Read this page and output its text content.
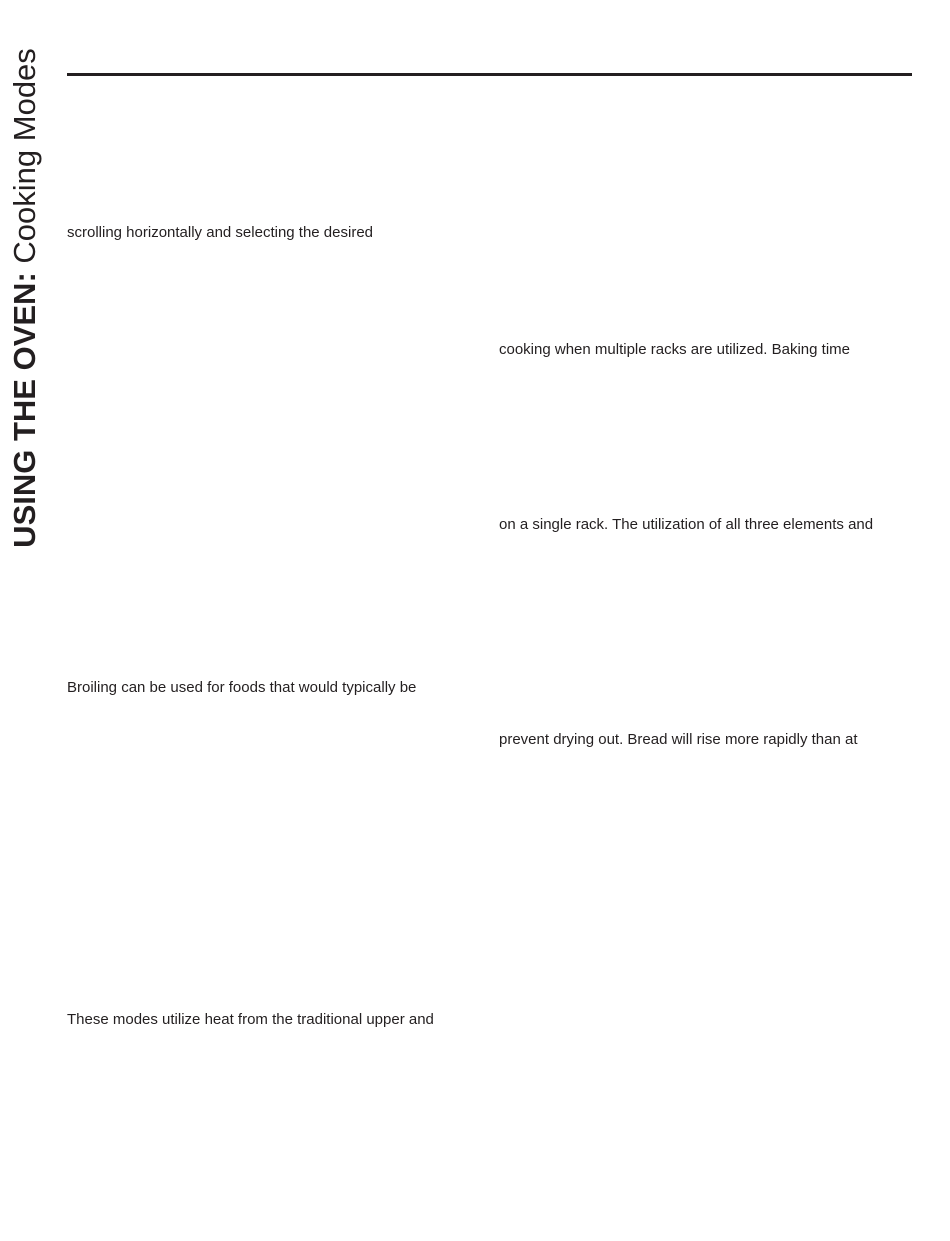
USING THE OVEN: Cooking Modes scrolling horizontally and selecting the desired
cooking when multiple racks are utilized. Baking time
on a single rack. The utilization of all three elements and
Broiling can be used for foods that would typically be
prevent drying out. Bread will rise more rapidly than at
These modes utilize heat from the traditional upper and
